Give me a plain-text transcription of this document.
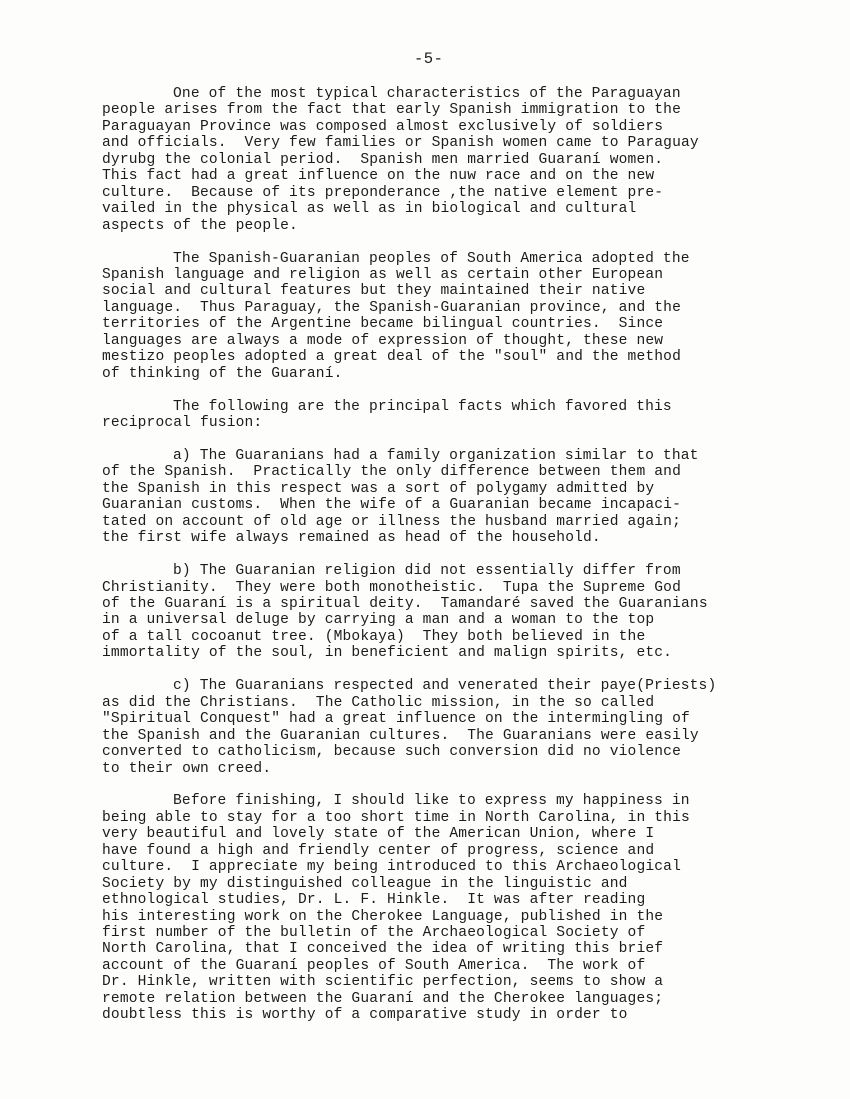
-5-
One of the most typical characteristics of the Paraguayan
people arises from the fact that early Spanish immigration to the
Paraguayan Province was composed almost exclusively of soldiers
and officials.  Very few families or Spanish women came to Paraguay
dyrubg the colonial period.  Spanish men married Guaraní women.
This fact had a great influence on the nuw race and on the new
culture.  Because of its preponderance ,the native element pre-
vailed in the physical as well as in biological and cultural
aspects of the people.
The Spanish-Guaranian peoples of South America adopted the
Spanish language and religion as well as certain other European
social and cultural features but they maintained their native
language.  Thus Paraguay, the Spanish-Guaranian province, and the
territories of the Argentine became bilingual countries.  Since
languages are always a mode of expression of thought, these new
mestizo peoples adopted a great deal of the "soul" and the method
of thinking of the Guaraní.
The following are the principal facts which favored this
reciprocal fusion:
a) The Guaranians had a family organization similar to that
of the Spanish.  Practically the only difference between them and
the Spanish in this respect was a sort of polygamy admitted by
Guaranian customs.  When the wife of a Guaranian became incapaci-
tated on account of old age or illness the husband married again;
the first wife always remained as head of the household.
b) The Guaranian religion did not essentially differ from
Christianity.  They were both monotheistic.  Tupa the Supreme God
of the Guaraní is a spiritual deity.  Tamandaré saved the Guaranians
in a universal deluge by carrying a man and a woman to the top
of a tall cocoanut tree. (Mbokaya)  They both believed in the
immortality of the soul, in beneficient and malign spirits, etc.
c) The Guaranians respected and venerated their paye(Priests)
as did the Christians.  The Catholic mission, in the so called
"Spiritual Conquest" had a great influence on the intermingling of
the Spanish and the Guaranian cultures.  The Guaranians were easily
converted to catholicism, because such conversion did no violence
to their own creed.
Before finishing, I should like to express my happiness in
being able to stay for a too short time in North Carolina, in this
very beautiful and lovely state of the American Union, where I
have found a high and friendly center of progress, science and
culture.  I appreciate my being introduced to this Archaeological
Society by my distinguished colleague in the linguistic and
ethnological studies, Dr. L. F. Hinkle.  It was after reading
his interesting work on the Cherokee Language, published in the
first number of the bulletin of the Archaeological Society of
North Carolina, that I conceived the idea of writing this brief
account of the Guaraní peoples of South America.  The work of
Dr. Hinkle, written with scientific perfection, seems to show a
remote relation between the Guaraní and the Cherokee languages;
doubtless this is worthy of a comparative study in order to
